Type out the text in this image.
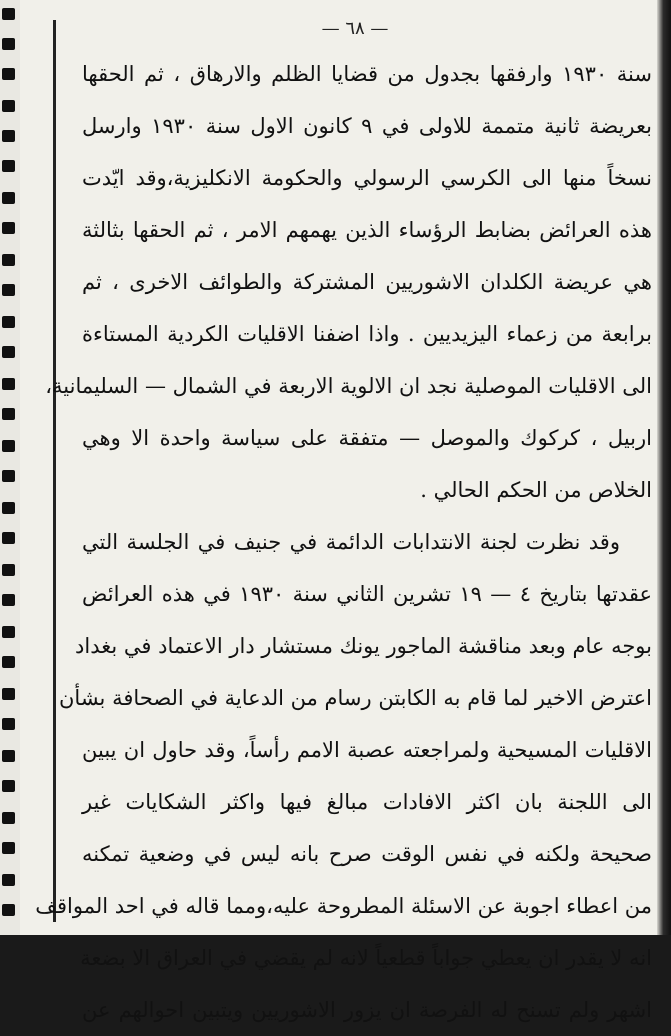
— ٦٨ —
سنة ١٩٣٠ وارفقها بجدول من قضايا الظلم والارهاق ، ثم الحقها
بعريضة ثانية متممة للاولى في ٩ كانون الاول سنة ١٩٣٠ وارسل
نسخاً منها الى الكرسي الرسولي والحكومة الانكليزية،وقد ايّدت
هذه العرائض بضابط الرؤساء الذين يهمهم الامر ، ثم الحقها بثالثة
هي عريضة الكلدان الاشوريين المشتركة والطوائف الاخرى ، ثم
برابعة من زعماء اليزيديين . واذا اضفنا الاقليات الكردية المستاءة
الى الاقليات الموصلية نجد ان الالوية الاربعة في الشمال — السليمانية،
اربيل ، كركوك والموصل — متفقة على سياسة واحدة الا وهي
الخلاص من الحكم الحالي .
وقد نظرت لجنة الانتدابات الدائمة في جنيف في الجلسة التي
عقدتها بتاريخ ٤ — ١٩ تشرين الثاني سنة ١٩٣٠ في هذه العرائض
بوجه عام وبعد مناقشة الماجور يونك مستشار دار الاعتماد في بغداد
اعترض الاخير لما قام به الكابتن رسام من الدعاية في الصحافة بشأن
الاقليات المسيحية ولمراجعته عصبة الامم رأساً، وقد حاول ان يبين
الى اللجنة بان اكثر الافادات مبالغ فيها واكثر الشكايات غير
صحيحة ولكنه في نفس الوقت صرح بانه ليس في وضعية تمكنه
من اعطاء اجوبة عن الاسئلة المطروحة عليه،ومما قاله في احد المواقف
انه لا يقدر ان يعطي جواباً قطعياً لانه لم يقضي في العراق الا بضعة
اشهر ولم تسنح له الفرصة ان يزور الاشوريين ويتبين احوالهم عن
